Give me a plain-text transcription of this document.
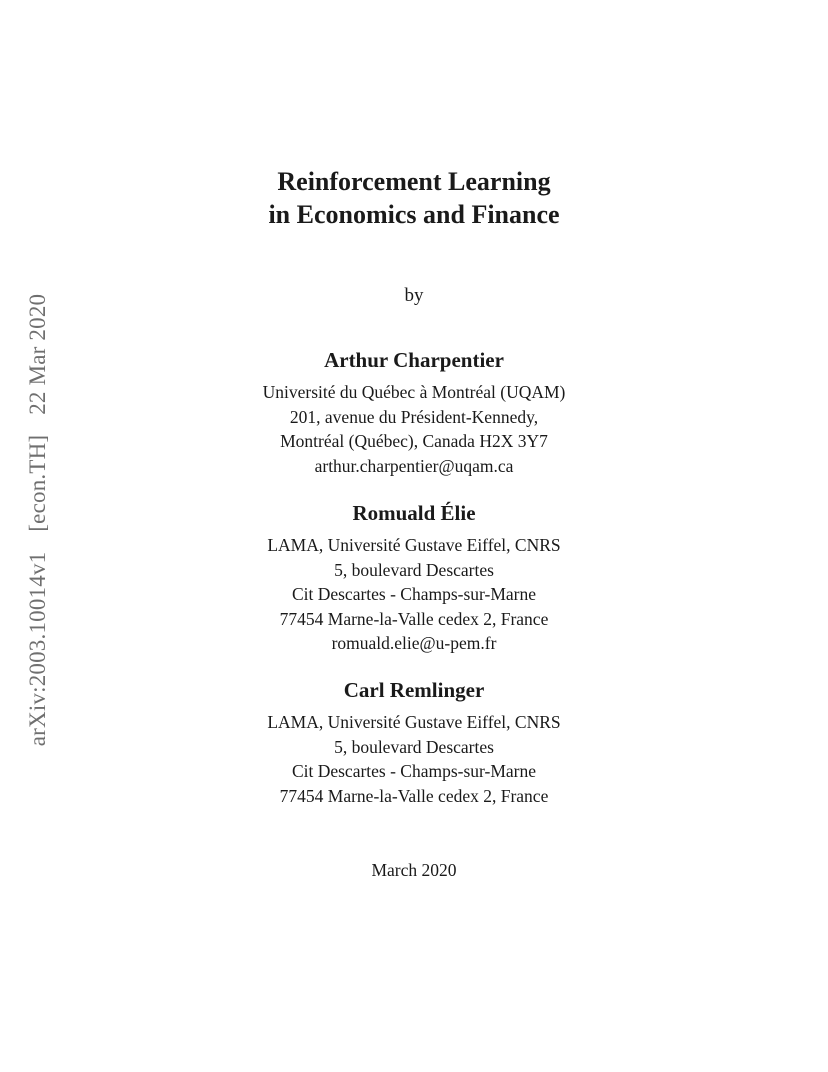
arXiv:2003.10014v1 [econ.TH] 22 Mar 2020
Reinforcement Learning
in Economics and Finance
by
Arthur Charpentier
Université du Québec à Montréal (UQAM)
201, avenue du Président-Kennedy,
Montréal (Québec), Canada H2X 3Y7
arthur.charpentier@uqam.ca
Romuald Élie
LAMA, Université Gustave Eiffel, CNRS
5, boulevard Descartes
Cit Descartes - Champs-sur-Marne
77454 Marne-la-Valle cedex 2, France
romuald.elie@u-pem.fr
Carl Remlinger
LAMA, Université Gustave Eiffel, CNRS
5, boulevard Descartes
Cit Descartes - Champs-sur-Marne
77454 Marne-la-Valle cedex 2, France
March 2020
